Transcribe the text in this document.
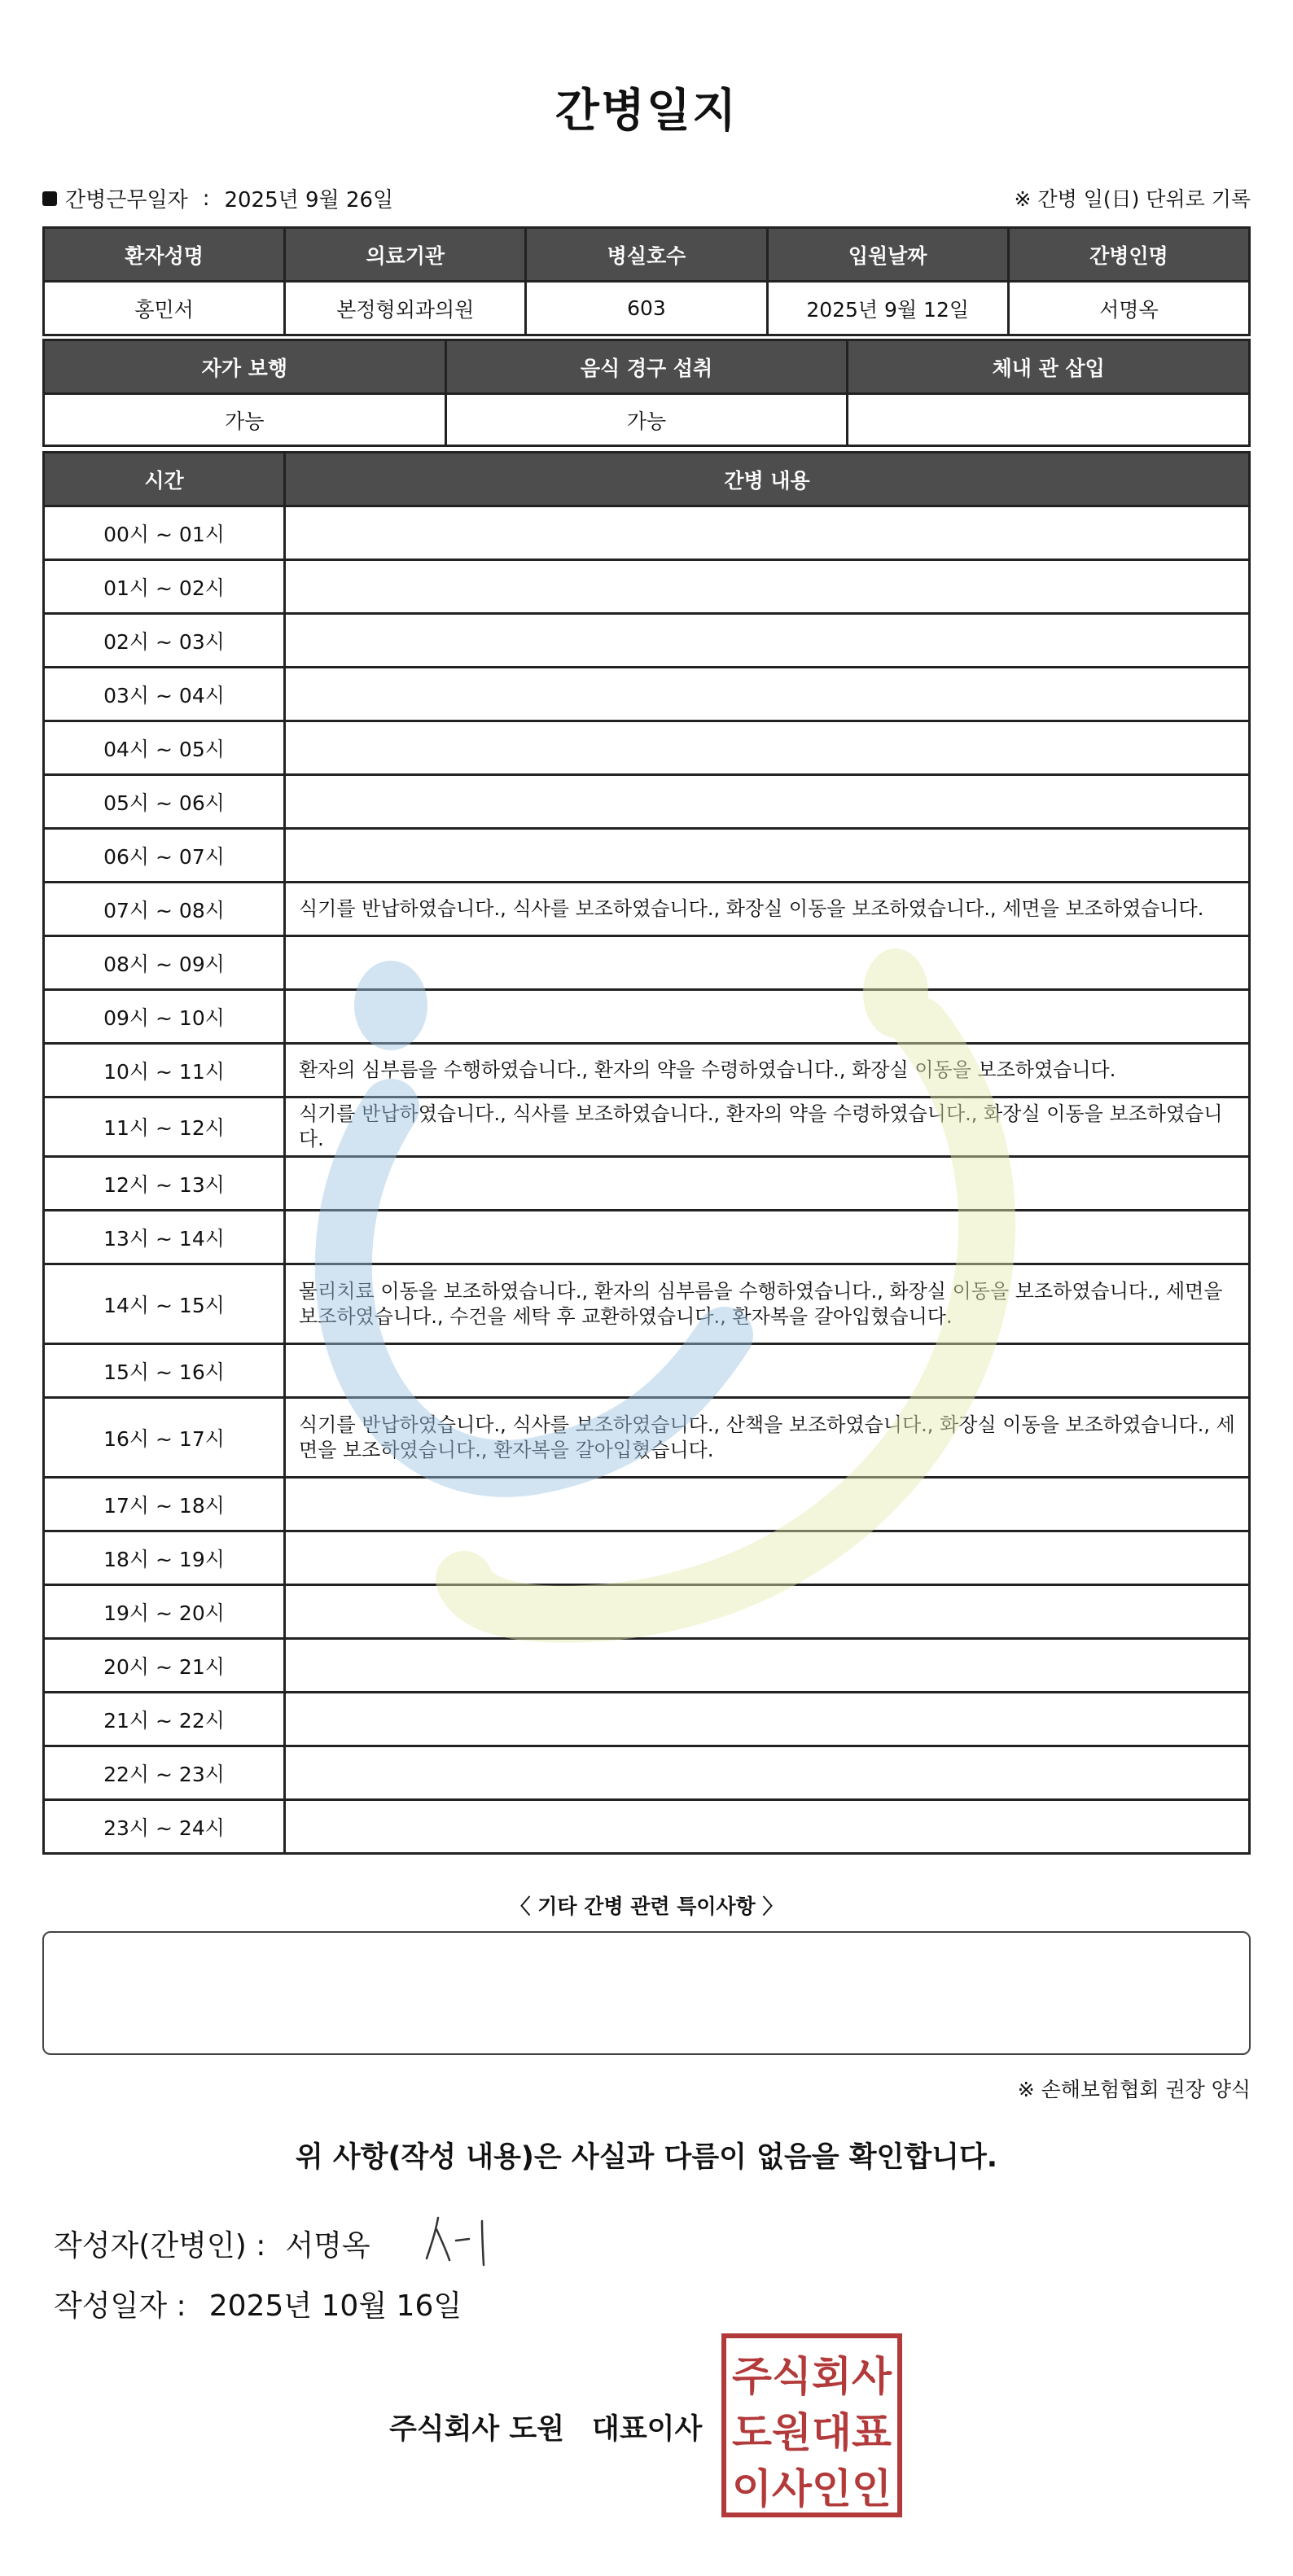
간병일지
간병근무일자 : 2025년 9월 26일	※ 간병 일(日) 단위로 기록
환자성명	의료기관	병실호수	입원날짜	간병인명
홍민서	본정형외과의원	603	2025년 9월 12일	서명옥
자가 보행	음식 경구 섭취	체내 관 삽입
가능	가능	
시간	간병 내용
00시 ~ 01시	
01시 ~ 02시	
02시 ~ 03시	
03시 ~ 04시	
04시 ~ 05시	
05시 ~ 06시	
06시 ~ 07시	
07시 ~ 08시	식기를 반납하였습니다., 식사를 보조하였습니다., 화장실 이동을 보조하였습니다., 세면을 보조하였습니다.
08시 ~ 09시	
09시 ~ 10시	
10시 ~ 11시	환자의 심부름을 수행하였습니다., 환자의 약을 수령하였습니다., 화장실 이동을 보조하였습니다.
11시 ~ 12시	식기를 반납하였습니다., 식사를 보조하였습니다., 환자의 약을 수령하였습니다., 화장실 이동을 보조하였습니다.
12시 ~ 13시	
13시 ~ 14시	
14시 ~ 15시	물리치료 이동을 보조하였습니다., 환자의 심부름을 수행하였습니다., 화장실 이동을 보조하였습니다., 세면을 보조하였습니다., 수건을 세탁 후 교환하였습니다., 환자복을 갈아입혔습니다.
15시 ~ 16시	
16시 ~ 17시	식기를 반납하였습니다., 식사를 보조하였습니다., 산책을 보조하였습니다., 화장실 이동을 보조하였습니다., 세면을 보조하였습니다., 환자복을 갈아입혔습니다.
17시 ~ 18시	
18시 ~ 19시	
19시 ~ 20시	
20시 ~ 21시	
21시 ~ 22시	
22시 ~ 23시	
23시 ~ 24시	
〈 기타 간병 관련 특이사항 〉
※ 손해보험협회 권장 양식
위 사항(작성 내용)은 사실과 다름이 없음을 확인합니다.
작성자(간병인) : 서명옥
작성일자 : 2025년 10월 16일
주식회사 도원 대표이사
주식회사
도원대표
이사인인
